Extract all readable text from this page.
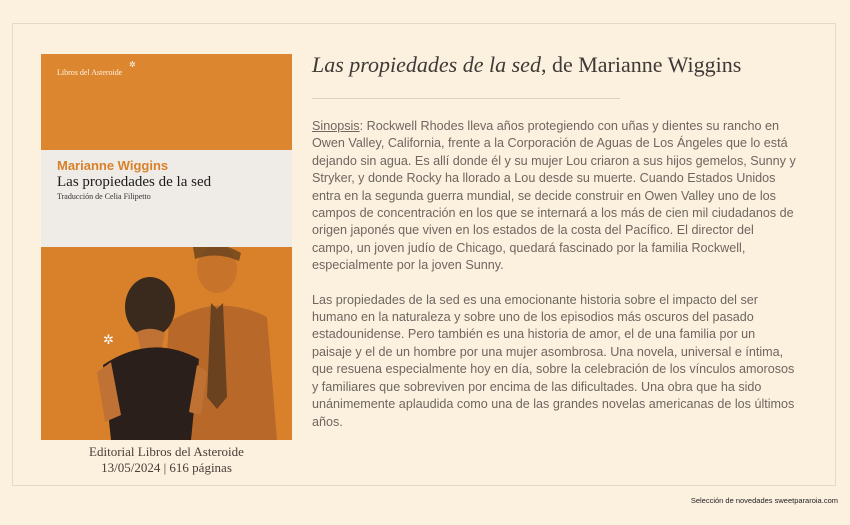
Libros del Asteroide
✲
Marianne Wiggins
Las propiedades de la sed
Traducción de Celia Filipetto
✲
Editorial Libros del Asteroide
13/05/2024 | 616 páginas
Las propiedades de la sed, de Marianne Wiggins

Sinopsis: Rockwell Rhodes lleva años protegiendo con uñas y dientes su rancho en Owen Valley, California, frente a la Corporación de Aguas de Los Ángeles que lo está dejando sin agua. Es allí donde él y su mujer Lou criaron a sus hijos gemelos, Sunny y Stryker, y donde Rocky ha llorado a Lou desde su muerte. Cuando Estados Unidos entra en la segunda guerra mundial, se decide construir en Owen Valley uno de los campos de concentración en los que se internará a los más de cien mil ciudadanos de origen japonés que viven en los estados de la costa del Pacífico. El director del campo, un joven judío de Chicago, quedará fascinado por la familia Rockwell, especialmente por la joven Sunny.

Las propiedades de la sed es una emocionante historia sobre el impacto del ser humano en la naturaleza y sobre uno de los episodios más oscuros del pasado estadounidense. Pero también es una historia de amor, el de una familia por un paisaje y el de un hombre por una mujer asombrosa. Una novela, universal e íntima, que resuena especialmente hoy en día, sobre la celebración de los vínculos amorosos y familiares que sobreviven por encima de las dificultades. Una obra que ha sido unánimemente aplaudida como una de las grandes novelas americanas de los últimos años.

Selección de novedades sweetpararoia.com
